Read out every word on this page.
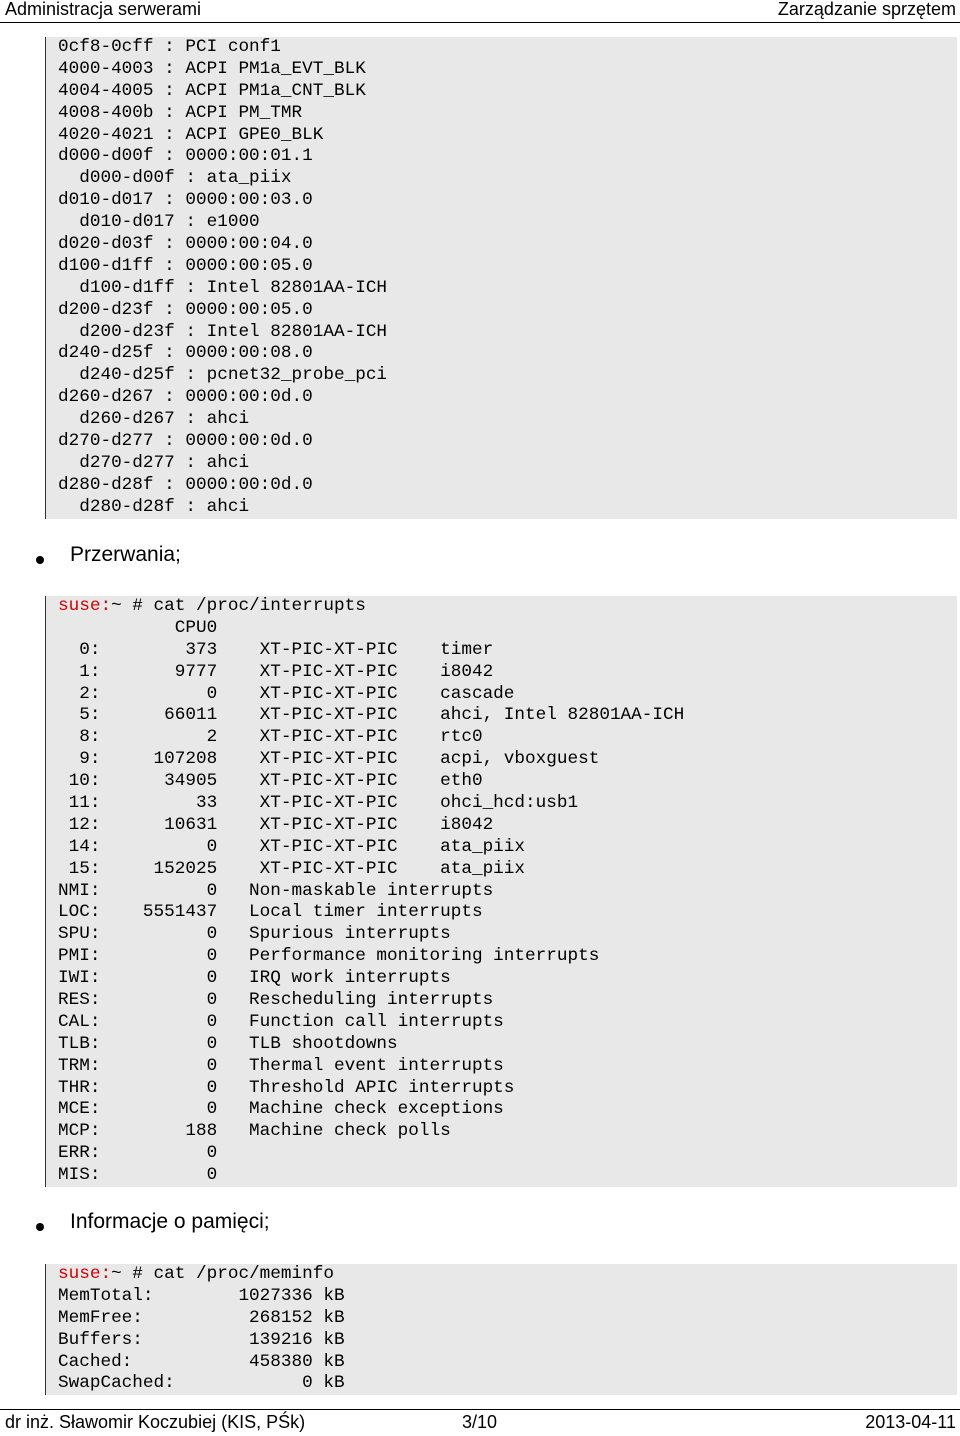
Administracja serwerami	Zarządzanie sprzętem
0cf8-0cff : PCI conf1
4000-4003 : ACPI PM1a_EVT_BLK
4004-4005 : ACPI PM1a_CNT_BLK
4008-400b : ACPI PM_TMR
4020-4021 : ACPI GPE0_BLK
d000-d00f : 0000:00:01.1
d000-d00f : ata_piix
d010-d017 : 0000:00:03.0
d010-d017 : e1000
d020-d03f : 0000:00:04.0
d100-d1ff : 0000:00:05.0
d100-d1ff : Intel 82801AA-ICH
d200-d23f : 0000:00:05.0
d200-d23f : Intel 82801AA-ICH
d240-d25f : 0000:00:08.0
d240-d25f : pcnet32_probe_pci
d260-d267 : 0000:00:0d.0
d260-d267 : ahci
d270-d277 : 0000:00:0d.0
d270-d277 : ahci
d280-d28f : 0000:00:0d.0
d280-d28f : ahci
Przerwania;
suse:~ # cat /proc/interrupts
CPU0
0:        373    XT-PIC-XT-PIC    timer
1:       9777    XT-PIC-XT-PIC    i8042
2:          0    XT-PIC-XT-PIC    cascade
5:      66011    XT-PIC-XT-PIC    ahci, Intel 82801AA-ICH
8:          2    XT-PIC-XT-PIC    rtc0
9:     107208    XT-PIC-XT-PIC    acpi, vboxguest
10:      34905    XT-PIC-XT-PIC    eth0
11:         33    XT-PIC-XT-PIC    ohci_hcd:usb1
12:      10631    XT-PIC-XT-PIC    i8042
14:          0    XT-PIC-XT-PIC    ata_piix
15:     152025    XT-PIC-XT-PIC    ata_piix
NMI:          0   Non-maskable interrupts
LOC:    5551437   Local timer interrupts
SPU:          0   Spurious interrupts
PMI:          0   Performance monitoring interrupts
IWI:          0   IRQ work interrupts
RES:          0   Rescheduling interrupts
CAL:          0   Function call interrupts
TLB:          0   TLB shootdowns
TRM:          0   Thermal event interrupts
THR:          0   Threshold APIC interrupts
MCE:          0   Machine check exceptions
MCP:        188   Machine check polls
ERR:          0
MIS:          0
Informacje o pamięci;
suse:~ # cat /proc/meminfo
MemTotal:        1027336 kB
MemFree:          268152 kB
Buffers:          139216 kB
Cached:           458380 kB
SwapCached:            0 kB
dr inż. Sławomir Koczubiej (KIS, PŚk)	3/10	2013-04-11
